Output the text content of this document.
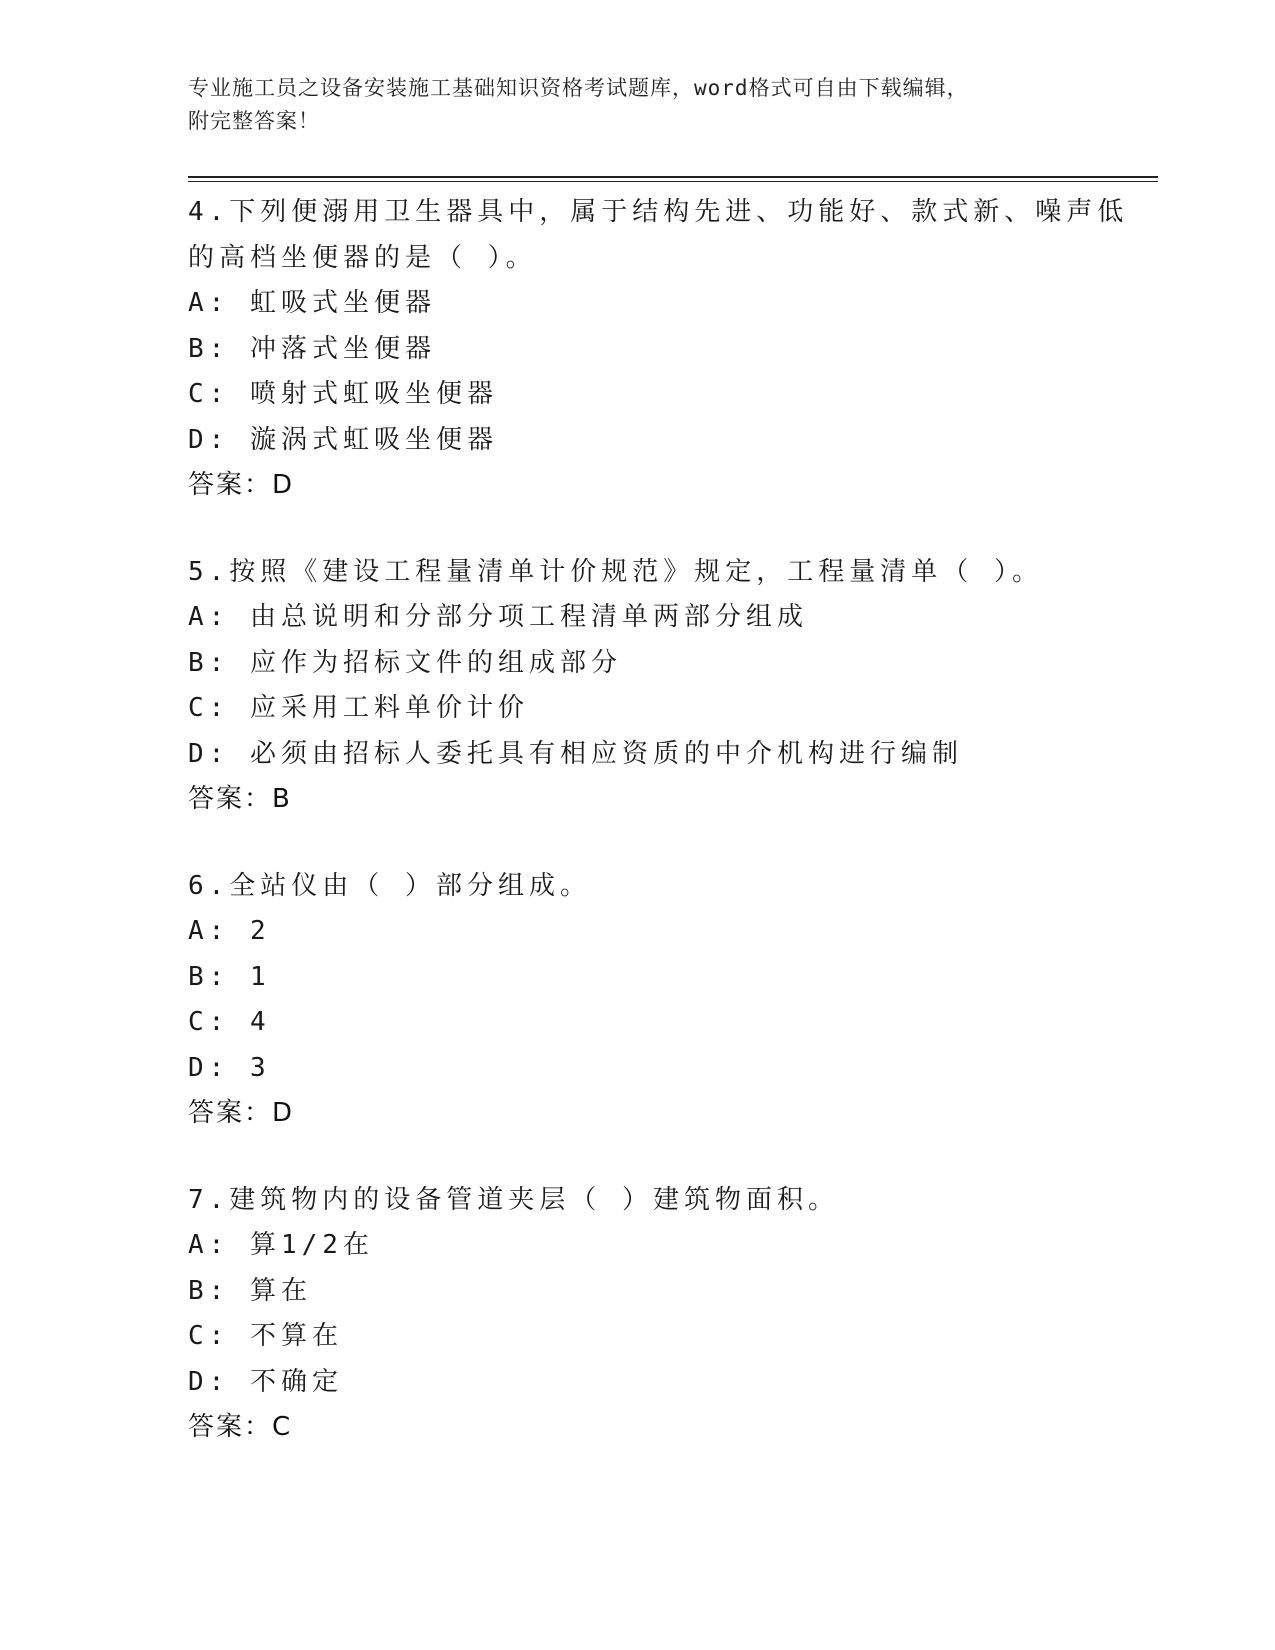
专业施工员之设备安装施工基础知识资格考试题库，word格式可自由下载编辑，
附完整答案！
4.下列便溺用卫生器具中，属于结构先进、功能好、款式新、噪声低
的高档坐便器的是（ ）。
A: 虹吸式坐便器
B: 冲落式坐便器
C: 喷射式虹吸坐便器
D: 漩涡式虹吸坐便器
答案：D
5.按照《建设工程量清单计价规范》规定，工程量清单（ ）。
A: 由总说明和分部分项工程清单两部分组成
B: 应作为招标文件的组成部分
C: 应采用工料单价计价
D: 必须由招标人委托具有相应资质的中介机构进行编制
答案：B
6.全站仪由（ ）部分组成。
A: 2
B: 1
C: 4
D: 3
答案：D
7.建筑物内的设备管道夹层（ ）建筑物面积。
A: 算1/2在
B: 算在
C: 不算在
D: 不确定
答案：C
